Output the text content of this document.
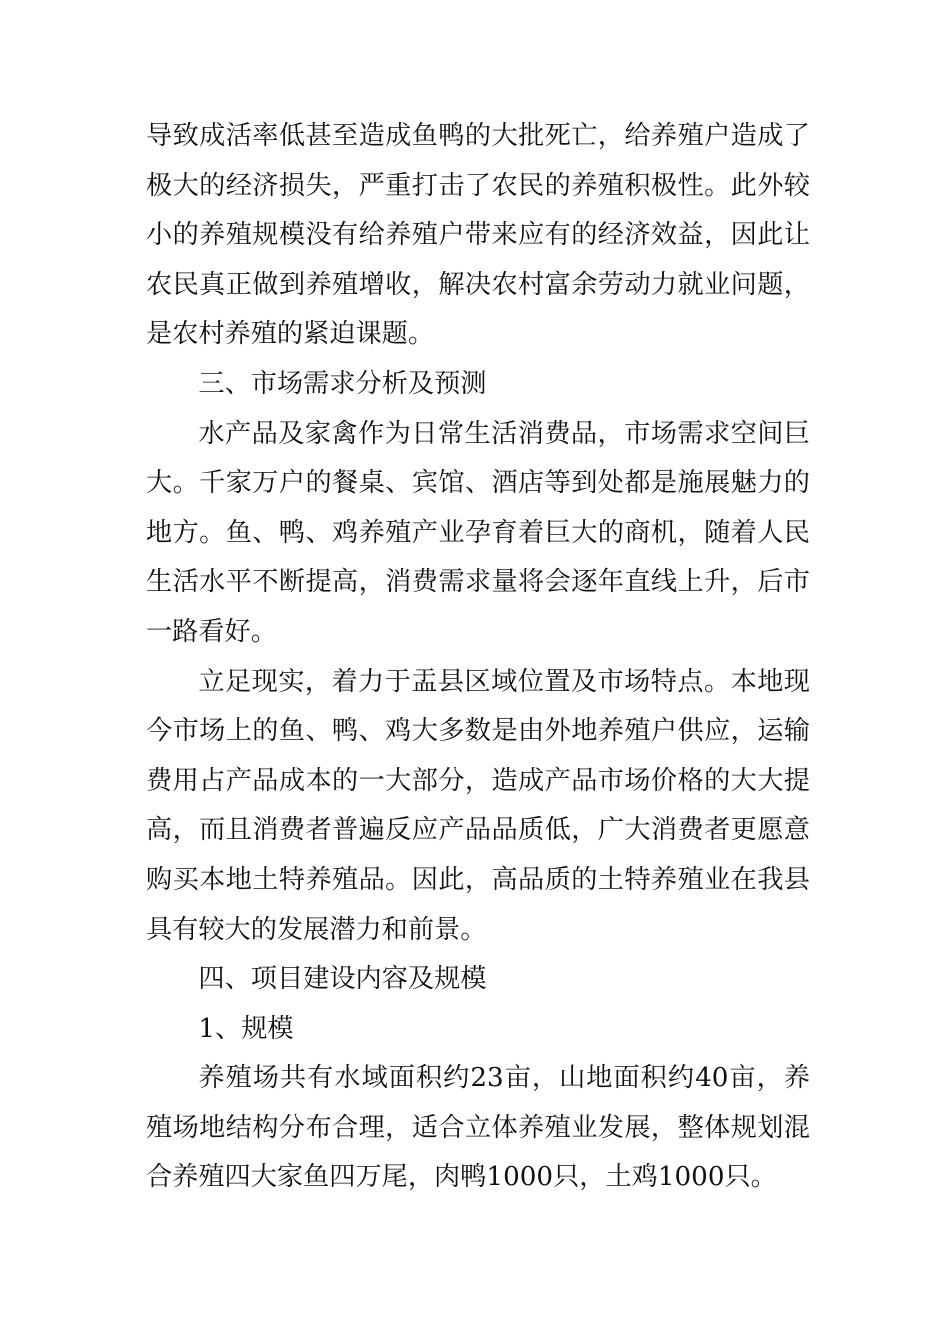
导致成活率低甚至造成鱼鸭的大批死亡，给养殖户造成了极大的经济损失，严重打击了农民的养殖积极性。此外较小的养殖规模没有给养殖户带来应有的经济效益，因此让农民真正做到养殖增收，解决农村富余劳动力就业问题，是农村养殖的紧迫课题。

三、市场需求分析及预测

水产品及家禽作为日常生活消费品，市场需求空间巨大。千家万户的餐桌、宾馆、酒店等到处都是施展魅力的地方。鱼、鸭、鸡养殖产业孕育着巨大的商机，随着人民生活水平不断提高，消费需求量将会逐年直线上升，后市一路看好。

立足现实，着力于盂县区域位置及市场特点。本地现今市场上的鱼、鸭、鸡大多数是由外地养殖户供应，运输费用占产品成本的一大部分，造成产品市场价格的大大提高，而且消费者普遍反应产品品质低，广大消费者更愿意购买本地土特养殖品。因此，高品质的土特养殖业在我县具有较大的发展潜力和前景。

四、项目建设内容及规模

1、规模

养殖场共有水域面积约23亩，山地面积约40亩，养殖场地结构分布合理，适合立体养殖业发展，整体规划混合养殖四大家鱼四万尾，肉鸭1000只，土鸡1000只。
